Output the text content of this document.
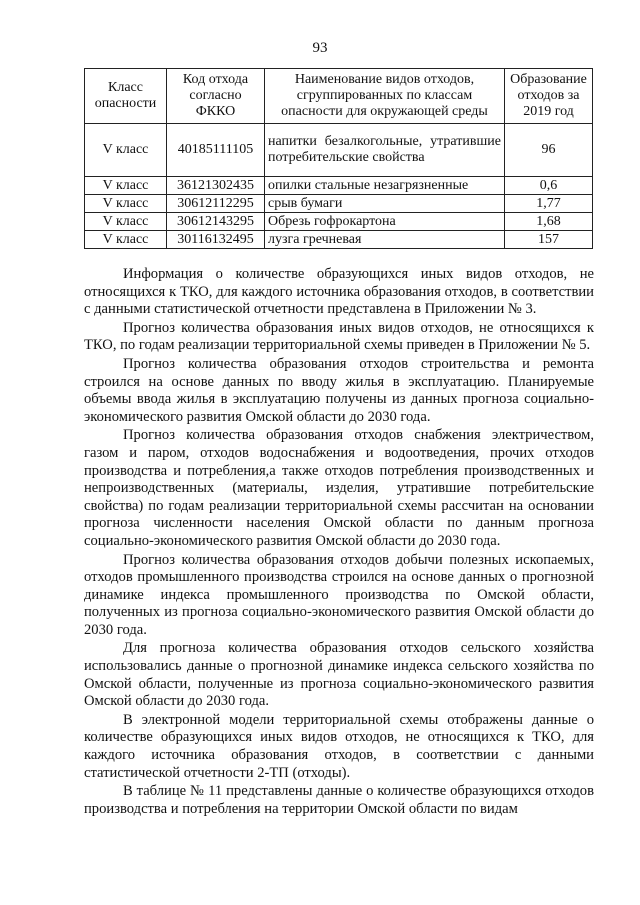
93
Класс опасности	Код отхода согласно ФККО	Наименование видов отходов, сгруппированных по классам опасности для окружающей среды	Образование отходов за 2019 год
V класс	40185111105	напитки безалкогольные, утратившие потребительские свойства	96
V класс	36121302435	опилки стальные незагрязненные	0,6
V класс	30612112295	срыв бумаги	1,77
V класс	30612143295	Обрезь гофрокартона	1,68
V класс	30116132495	лузга гречневая	157

Информация о количестве образующихся иных видов отходов, не относящихся к ТКО, для каждого источника образования отходов, в соответствии с данными статистической отчетности представлена в Приложении № 3.

Прогноз количества образования иных видов отходов, не относящихся к ТКО, по годам реализации территориальной схемы приведен в Приложении № 5.

Прогноз количества образования отходов строительства и ремонта строился на основе данных по вводу жилья в эксплуатацию. Планируемые объемы ввода жилья в эксплуатацию получены из данных прогноза социально-экономического развития Омской области до 2030 года.

Прогноз количества образования отходов снабжения электричеством, газом и паром, отходов водоснабжения и водоотведения, прочих отходов производства и потребления,а также отходов потребления производственных и непроизводственных (материалы, изделия, утратившие потребительские свойства) по годам реализации территориальной схемы рассчитан на основании прогноза численности населения Омской области по данным прогноза социально-экономического развития Омской области до 2030 года.

Прогноз количества образования отходов добычи полезных ископаемых, отходов промышленного производства строился на основе данных о прогнозной динамике индекса промышленного производства по Омской области, полученных из прогноза социально-экономического развития Омской области до 2030 года.

Для прогноза количества образования отходов сельского хозяйства использовались данные о прогнозной динамике индекса сельского хозяйства по Омской области, полученные из прогноза социально-экономического развития Омской области до 2030 года.

В электронной модели территориальной схемы отображены данные о количестве образующихся иных видов отходов, не относящихся к ТКО, для каждого источника образования отходов, в соответствии с данными статистической отчетности 2-ТП (отходы).

В таблице № 11 представлены данные о количестве образующихся отходов производства и потребления на территории Омской области по видам
